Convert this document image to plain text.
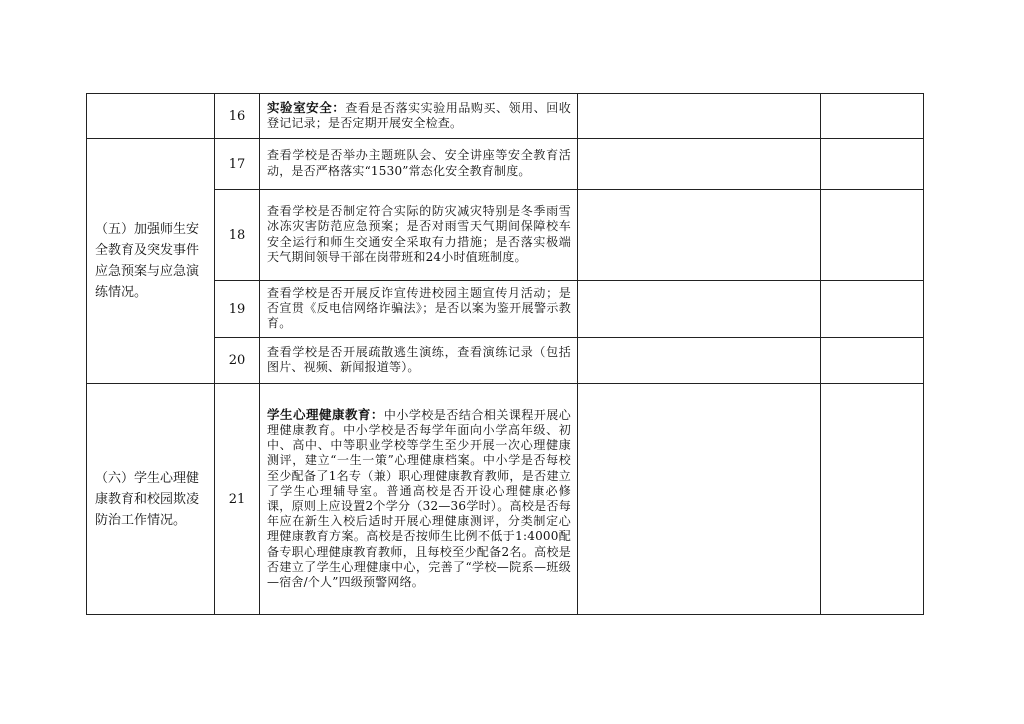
	16	实验室安全：查看是否落实实验用品购买、领用、回收登记记录；是否定期开展安全检查。		
（五）加强师生安全教育及突发事件应急预案与应急演练情况。	17	查看学校是否举办主题班队会、安全讲座等安全教育活动，是否严格落实“1530”常态化安全教育制度。		
	18	查看学校是否制定符合实际的防灾减灾特别是冬季雨雪冰冻灾害防范应急预案；是否对雨雪天气期间保障校车安全运行和师生交通安全采取有力措施；是否落实极端天气期间领导干部在岗带班和24小时值班制度。		
	19	查看学校是否开展反诈宣传进校园主题宣传月活动；是否宣贯《反电信网络诈骗法》；是否以案为鉴开展警示教育。		
	20	查看学校是否开展疏散逃生演练，查看演练记录（包括图片、视频、新闻报道等）。		
（六）学生心理健康教育和校园欺凌防治工作情况。	21	学生心理健康教育：中小学校是否结合相关课程开展心理健康教育。中小学校是否每学年面向小学高年级、初中、高中、中等职业学校等学生至少开展一次心理健康测评，建立“一生一策”心理健康档案。中小学是否每校至少配备了1名专（兼）职心理健康教育教师，是否建立了学生心理辅导室。普通高校是否开设心理健康必修课，原则上应设置2个学分（32—36学时）。高校是否每年应在新生入校后适时开展心理健康测评，分类制定心理健康教育方案。高校是否按师生比例不低于1:4000配备专职心理健康教育教师，且每校至少配备2名。高校是否建立了学生心理健康中心，完善了“学校—院系—班级—宿舍/个人”四级预警网络。		
